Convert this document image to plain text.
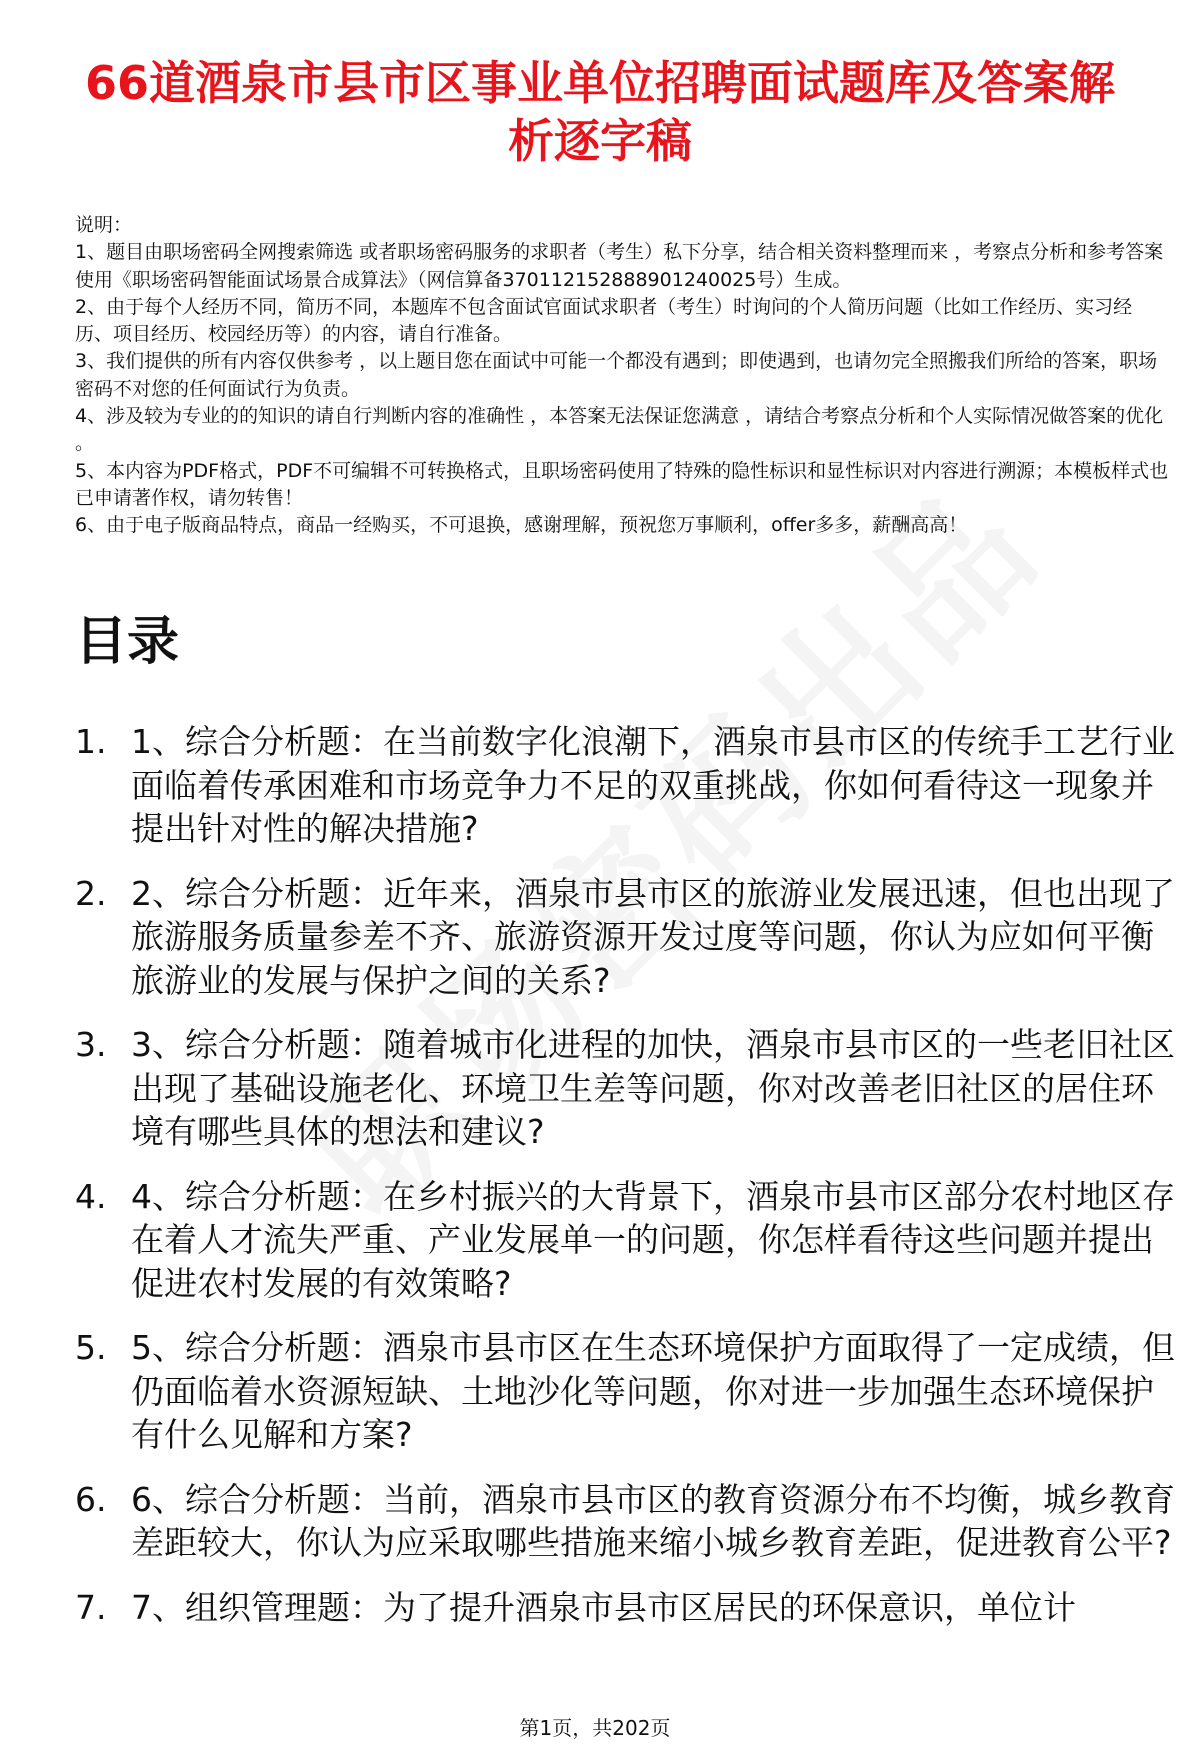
66道酒泉市县市区事业单位招聘面试题库及答案解析逐字稿

说明：

1、题目由职场密码全网搜索筛选 或者职场密码服务的求职者（考生）私下分享，结合相关资料整理而来 ，考察点分析和参考答案使用《职场密码智能面试场景合成算法》（网信算备370112152888901240025号）生成。

2、由于每个人经历不同，简历不同，本题库不包含面试官面试求职者（考生）时询问的个人简历问题（比如工作经历、实习经历、项目经历、校园经历等）的内容，请自行准备。

3、我们提供的所有内容仅供参考 ，以上题目您在面试中可能一个都没有遇到；即使遇到，也请勿完全照搬我们所给的答案，职场密码不对您的任何面试行为负责。

4、涉及较为专业的的知识的请自行判断内容的准确性 ，本答案无法保证您满意 ，请结合考察点分析和个人实际情况做答案的优化 。

5、本内容为PDF格式，PDF不可编辑不可转换格式，且职场密码使用了特殊的隐性标识和显性标识对内容进行溯源；本模板样式也已申请著作权，请勿转售！

6、由于电子版商品特点，商品一经购买，不可退换，感谢理解，预祝您万事顺利，offer多多，薪酬高高！

目录
1. 1、综合分析题：在当前数字化浪潮下，酒泉市县市区的传统手工艺行业面临着传承困难和市场竞争力不足的双重挑战，你如何看待这一现象并提出针对性的解决措施?
2. 2、综合分析题：近年来，酒泉市县市区的旅游业发展迅速，但也出现了旅游服务质量参差不齐、旅游资源开发过度等问题，你认为应如何平衡旅游业的发展与保护之间的关系?
3. 3、综合分析题：随着城市化进程的加快，酒泉市县市区的一些老旧社区出现了基础设施老化、环境卫生差等问题，你对改善老旧社区的居住环境有哪些具体的想法和建议?
4. 4、综合分析题：在乡村振兴的大背景下，酒泉市县市区部分农村地区存在着人才流失严重、产业发展单一的问题，你怎样看待这些问题并提出促进农村发展的有效策略?
5. 5、综合分析题：酒泉市县市区在生态环境保护方面取得了一定成绩，但仍面临着水资源短缺、土地沙化等问题，你对进一步加强生态环境保护有什么见解和方案?
6. 6、综合分析题：当前，酒泉市县市区的教育资源分布不均衡，城乡教育差距较大，你认为应采取哪些措施来缩小城乡教育差距，促进教育公平?
7. 7、组织管理题：为了提升酒泉市县市区居民的环保意识，单位计
第1页，共202页
